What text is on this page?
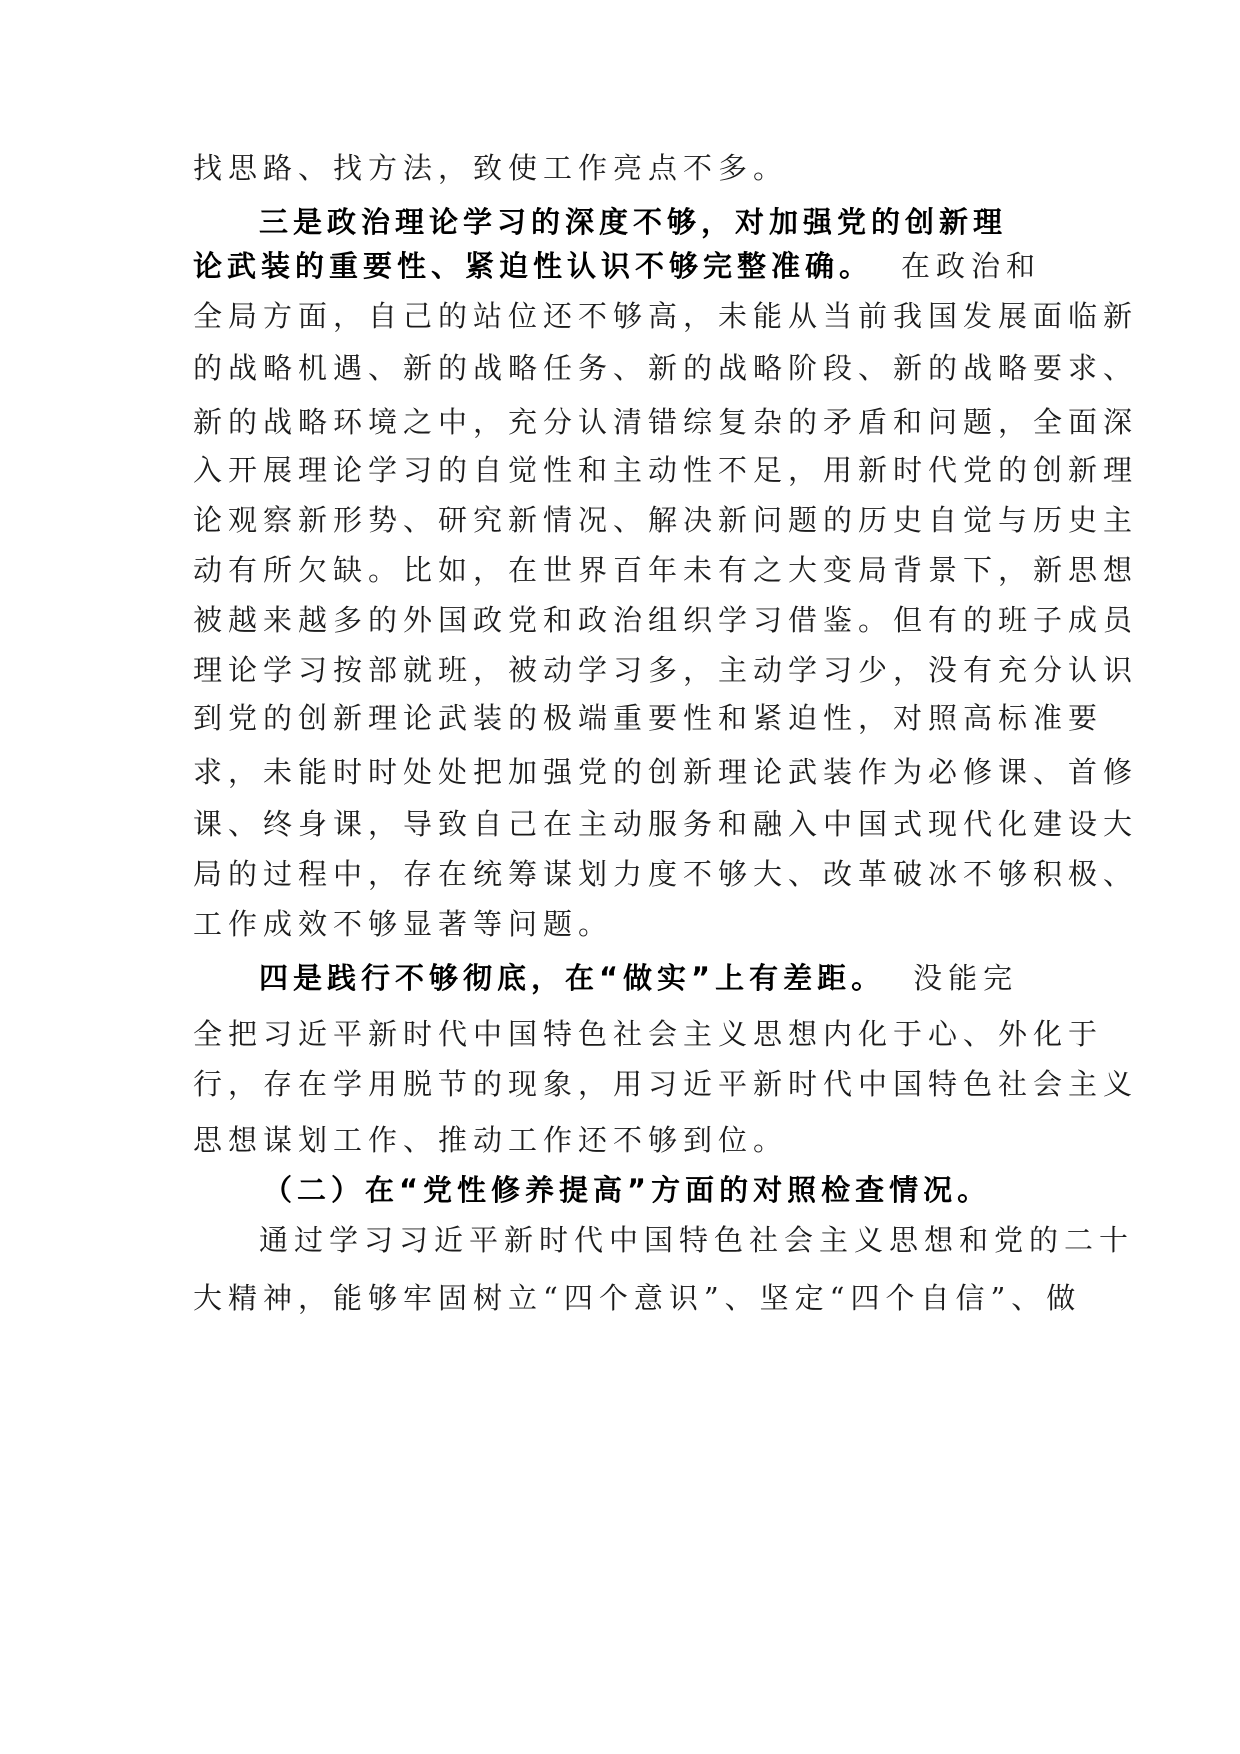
找思路、找方法，致使工作亮点不多。

三是政治理论学习的深度不够，对加强党的创新理

论武装的重要性、紧迫性认识不够完整准确。 在政治和

全局方面，自己的站位还不够高，未能从当前我国发展面临新

的战略机遇、新的战略任务、新的战略阶段、新的战略要求、

新的战略环境之中，充分认清错综复杂的矛盾和问题，全面深

入开展理论学习的自觉性和主动性不足，用新时代党的创新理

论观察新形势、研究新情况、解决新问题的历史自觉与历史主

动有所欠缺。比如，在世界百年未有之大变局背景下，新思想

被越来越多的外国政党和政治组织学习借鉴。但有的班子成员

理论学习按部就班，被动学习多，主动学习少，没有充分认识

到党的创新理论武装的极端重要性和紧迫性，对照高标准要

求，未能时时处处把加强党的创新理论武装作为必修课、首修

课、终身课，导致自己在主动服务和融入中国式现代化建设大

局的过程中，存在统筹谋划力度不够大、改革破冰不够积极、

工作成效不够显著等问题。

四是践行不够彻底，在“做实”上有差距。 没能完

全把习近平新时代中国特色社会主义思想内化于心、外化于

行，存在学用脱节的现象，用习近平新时代中国特色社会主义

思想谋划工作、推动工作还不够到位。

（二）在“党性修养提高”方面的对照检查情况。

通过学习习近平新时代中国特色社会主义思想和党的二十

大精神，能够牢固树立“四个意识”、坚定“四个自信”、做
